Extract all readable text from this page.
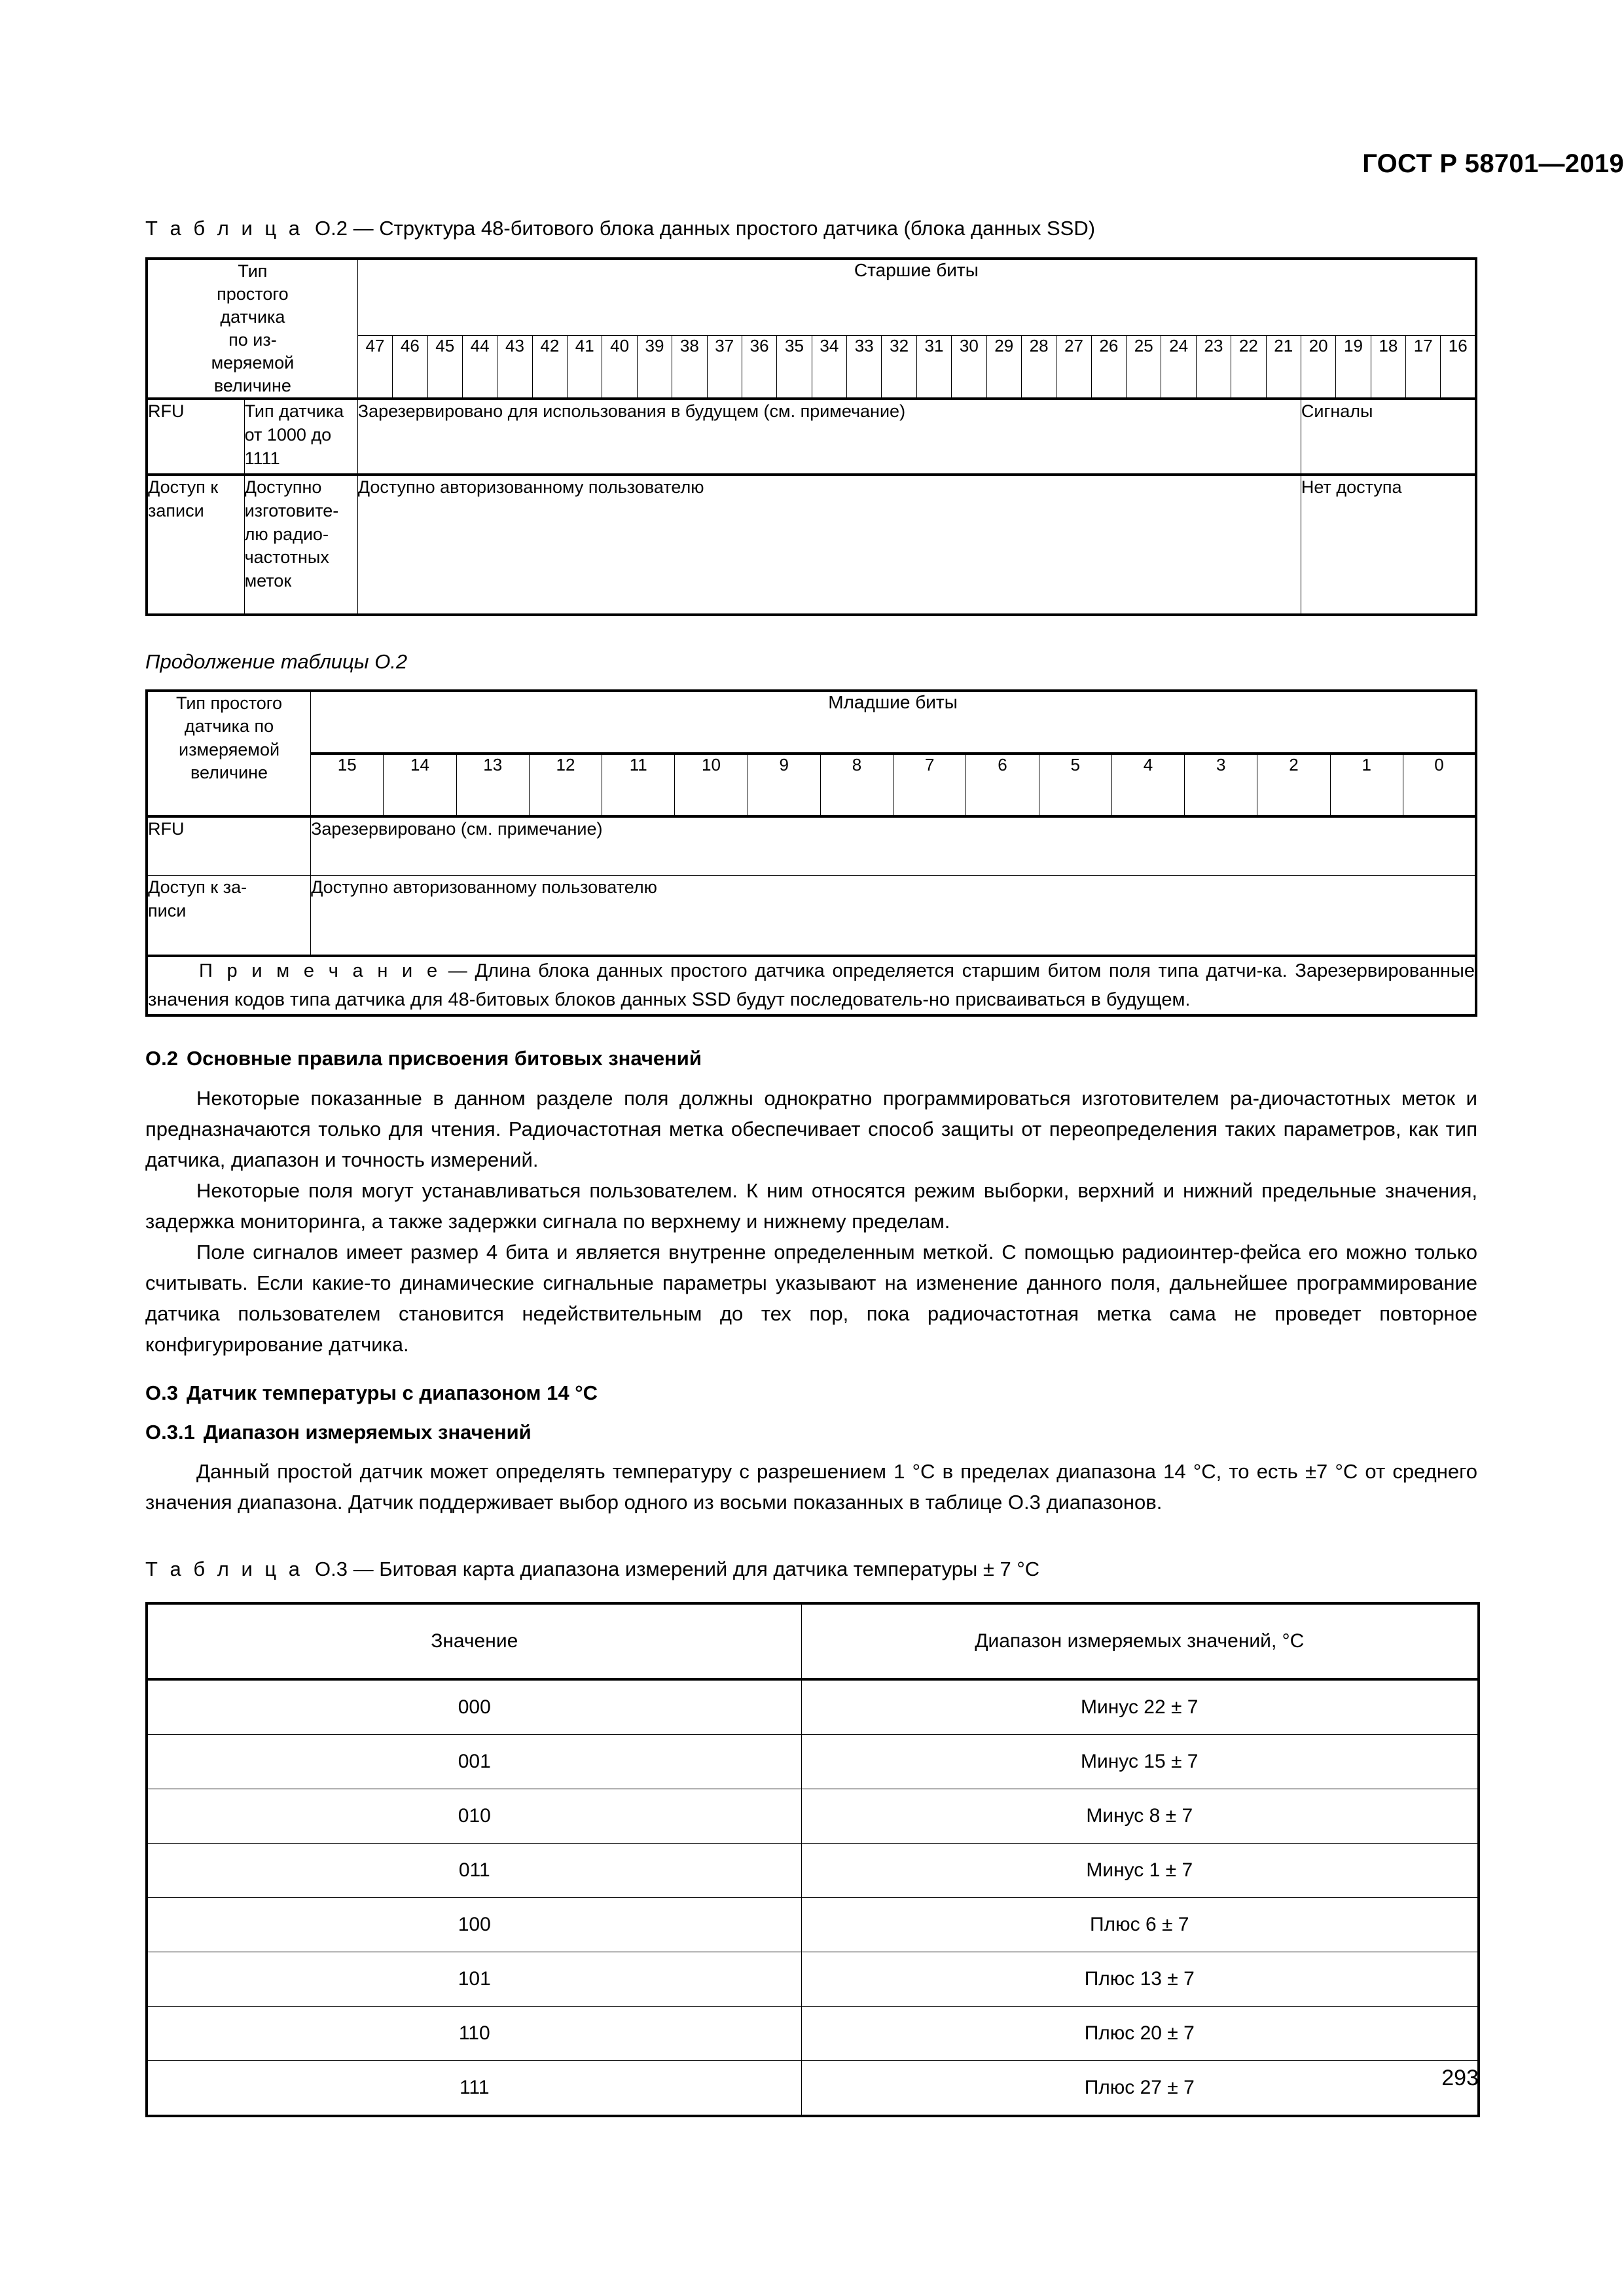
ГОСТ Р 58701—2019

Т а б л и ц а О.2 — Структура 48-битового блока данных простого датчика (блока данных SSD)

Тип
простого
датчика
по из-
меряемой
величине
	Старшие биты
		47	46	45	44	43	42	41	40	39	38	37	36	35	34	33	32	31	30	29	28	27	26	25	24	23	22	21	20	19	18	17	16
RFU	Тип датчика от 1000 до 1111	Зарезервировано для использования в будущем (см. примечание)																											Сигналы				
Доступ к записи	Доступно изготовите- лю радио- частотных меток	Доступно авторизованному пользователю																											Нет доступа				

Продолжение таблицы О.2

Тип простого
датчика по
измеряемой
величине	Младшие биты															
	15	14	13	12	11	10	9	8	7	6	5	4	3	2	1	0
RFU	Зарезервировано (см. примечание)															

Доступ к за-
писи	Доступно авторизованному пользователю															
П р и м е ч а н и е — Длина блока данных простого датчика определяется старшим битом поля типа датчи-ка. Зарезервированные значения кодов типа датчика для 48-битовых блоков данных SSD будут последователь-но присваиваться в будущем.																
О.2 Основные правила присвоения битовых значений

Некоторые показанные в данном разделе поля должны однократно программироваться изготовителем ра-диочастотных меток и предназначаются только для чтения. Радиочастотная метка обеспечивает способ защиты от переопределения таких параметров, как тип датчика, диапазон и точность измерений.

Некоторые поля могут устанавливаться пользователем. К ним относятся режим выборки, верхний и нижний предельные значения, задержка мониторинга, а также задержки сигнала по верхнему и нижнему пределам.

Поле сигналов имеет размер 4 бита и является внутренне определенным меткой. С помощью радиоинтер-фейса его можно только считывать. Если какие-то динамические сигнальные параметры указывают на изменение данного поля, дальнейшее программирование датчика пользователем становится недействительным до тех пор, пока радиочастотная метка сама не проведет повторное конфигурирование датчика.

О.3 Датчик температуры с диапазоном 14 °C
О.3.1 Диапазон измеряемых значений

Данный простой датчик может определять температуру с разрешением 1 °C в пределах диапазона 14 °C, то есть ±7 °C от среднего значения диапазона. Датчик поддерживает выбор одного из восьми показанных в таблице О.3 диапазонов.

Т а б л и ц а О.3 — Битовая карта диапазона измерений для датчика температуры ± 7 °C

Значение	Диапазон измеряемых значений, °C
000	Минус 22 ± 7
001	Минус 15 ± 7
010	Минус 8 ± 7
011	Минус 1 ± 7
100	Плюс 6 ± 7
101	Плюс 13 ± 7
110	Плюс 20 ± 7
111	Плюс 27 ± 7	293
